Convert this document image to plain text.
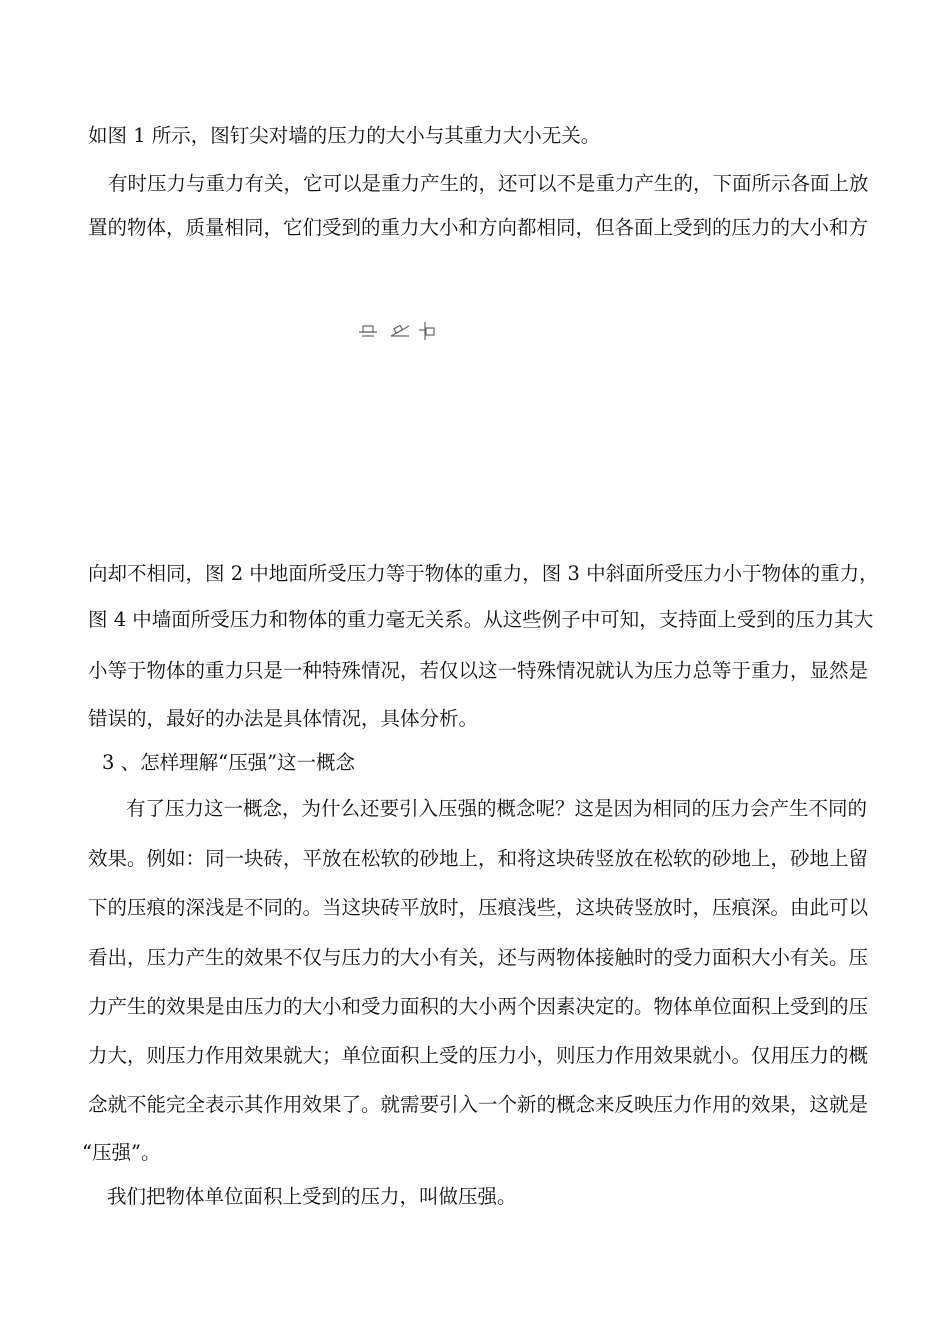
如图 1 所示，图钉尖对墙的压力的大小与其重力大小无关。
有时压力与重力有关，它可以是重力产生的，还可以不是重力产生的，下面所示各面上放
置的物体，质量相同，它们受到的重力大小和方向都相同，但各面上受到的压力的大小和方
向却不相同，图 2 中地面所受压力等于物体的重力，图 3 中斜面所受压力小于物体的重力，
图 4 中墙面所受压力和物体的重力毫无关系。从这些例子中可知，支持面上受到的压力其大
小等于物体的重力只是一种特殊情况，若仅以这一特殊情况就认为压力总等于重力，显然是
错误的，最好的办法是具体情况，具体分析。
3 、怎样理解“压强”这一概念
有了压力这一概念，为什么还要引入压强的概念呢？这是因为相同的压力会产生不同的
效果。例如：同一块砖，平放在松软的砂地上，和将这块砖竖放在松软的砂地上，砂地上留
下的压痕的深浅是不同的。当这块砖平放时，压痕浅些，这块砖竖放时，压痕深。由此可以
看出，压力产生的效果不仅与压力的大小有关，还与两物体接触时的受力面积大小有关。压
力产生的效果是由压力的大小和受力面积的大小两个因素决定的。物体单位面积上受到的压
力大，则压力作用效果就大；单位面积上受的压力小，则压力作用效果就小。仅用压力的概
念就不能完全表示其作用效果了。就需要引入一个新的概念来反映压力作用的效果，这就是
“压强”。
我们把物体单位面积上受到的压力，叫做压强。
